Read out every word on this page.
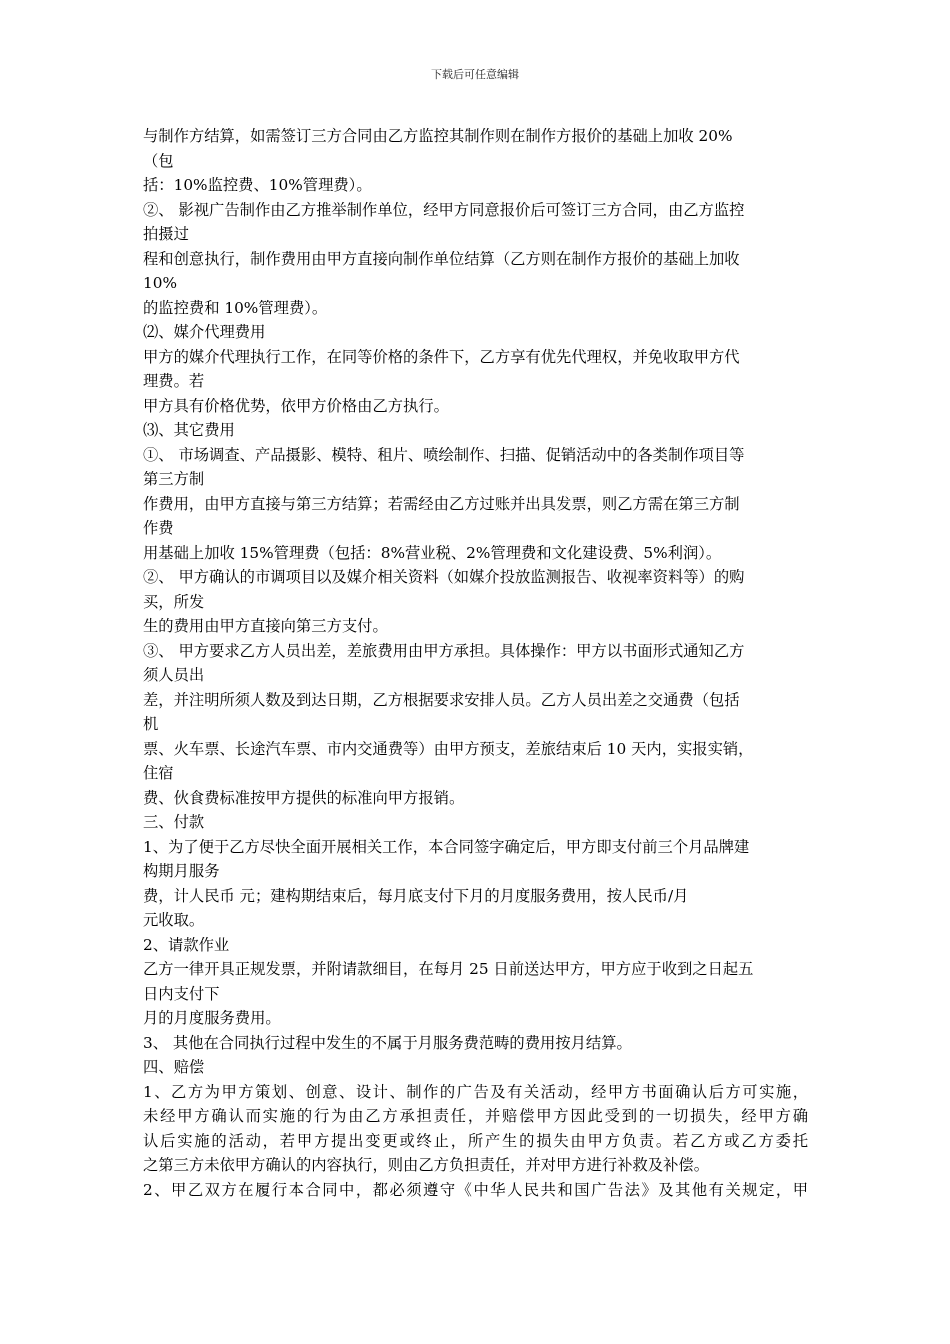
下载后可任意编辑
与制作方结算，如需签订三方合同由乙方监控其制作则在制作方报价的基础上加收 20%
（包
括：10%监控费、10%管理费）。
②、 影视广告制作由乙方推举制作单位，经甲方同意报价后可签订三方合同，由乙方监控
拍摄过
程和创意执行，制作费用由甲方直接向制作单位结算（乙方则在制作方报价的基础上加收
10%
的监控费和 10%管理费）。
⑵、媒介代理费用
甲方的媒介代理执行工作，在同等价格的条件下，乙方享有优先代理权，并免收取甲方代
理费。若
甲方具有价格优势，依甲方价格由乙方执行。
⑶、其它费用
①、 市场调查、产品摄影、模特、租片、喷绘制作、扫描、促销活动中的各类制作项目等
第三方制
作费用，由甲方直接与第三方结算；若需经由乙方过账并出具发票，则乙方需在第三方制
作费
用基础上加收 15%管理费（包括：8%营业税、2%管理费和文化建设费、5%利润）。
②、 甲方确认的市调项目以及媒介相关资料（如媒介投放监测报告、收视率资料等）的购
买，所发
生的费用由甲方直接向第三方支付。
③、 甲方要求乙方人员出差，差旅费用由甲方承担。具体操作：甲方以书面形式通知乙方
须人员出
差，并注明所须人数及到达日期，乙方根据要求安排人员。乙方人员出差之交通费（包括
机
票、火车票、长途汽车票、市内交通费等）由甲方预支，差旅结束后 10 天内，实报实销，
住宿
费、伙食费标准按甲方提供的标准向甲方报销。
三、付款
1、为了便于乙方尽快全面开展相关工作，本合同签字确定后，甲方即支付前三个月品牌建
构期月服务
费，计人民币 元；建构期结束后，每月底支付下月的月度服务费用，按人民币/月
元收取。
2、请款作业
乙方一律开具正规发票，并附请款细目，在每月 25 日前送达甲方，甲方应于收到之日起五
日内支付下
月的月度服务费用。
3、 其他在合同执行过程中发生的不属于月服务费范畴的费用按月结算。
四、赔偿
1、乙方为甲方策划、创意、设计、制作的广告及有关活动，经甲方书面确认后方可实施，
未经甲方确认而实施的行为由乙方承担责任，并赔偿甲方因此受到的一切损失，经甲方确
认后实施的活动，若甲方提出变更或终止，所产生的损失由甲方负责。若乙方或乙方委托
之第三方未依甲方确认的内容执行，则由乙方负担责任，并对甲方进行补救及补偿。
2、甲乙双方在履行本合同中，都必须遵守《中华人民共和国广告法》及其他有关规定，甲
